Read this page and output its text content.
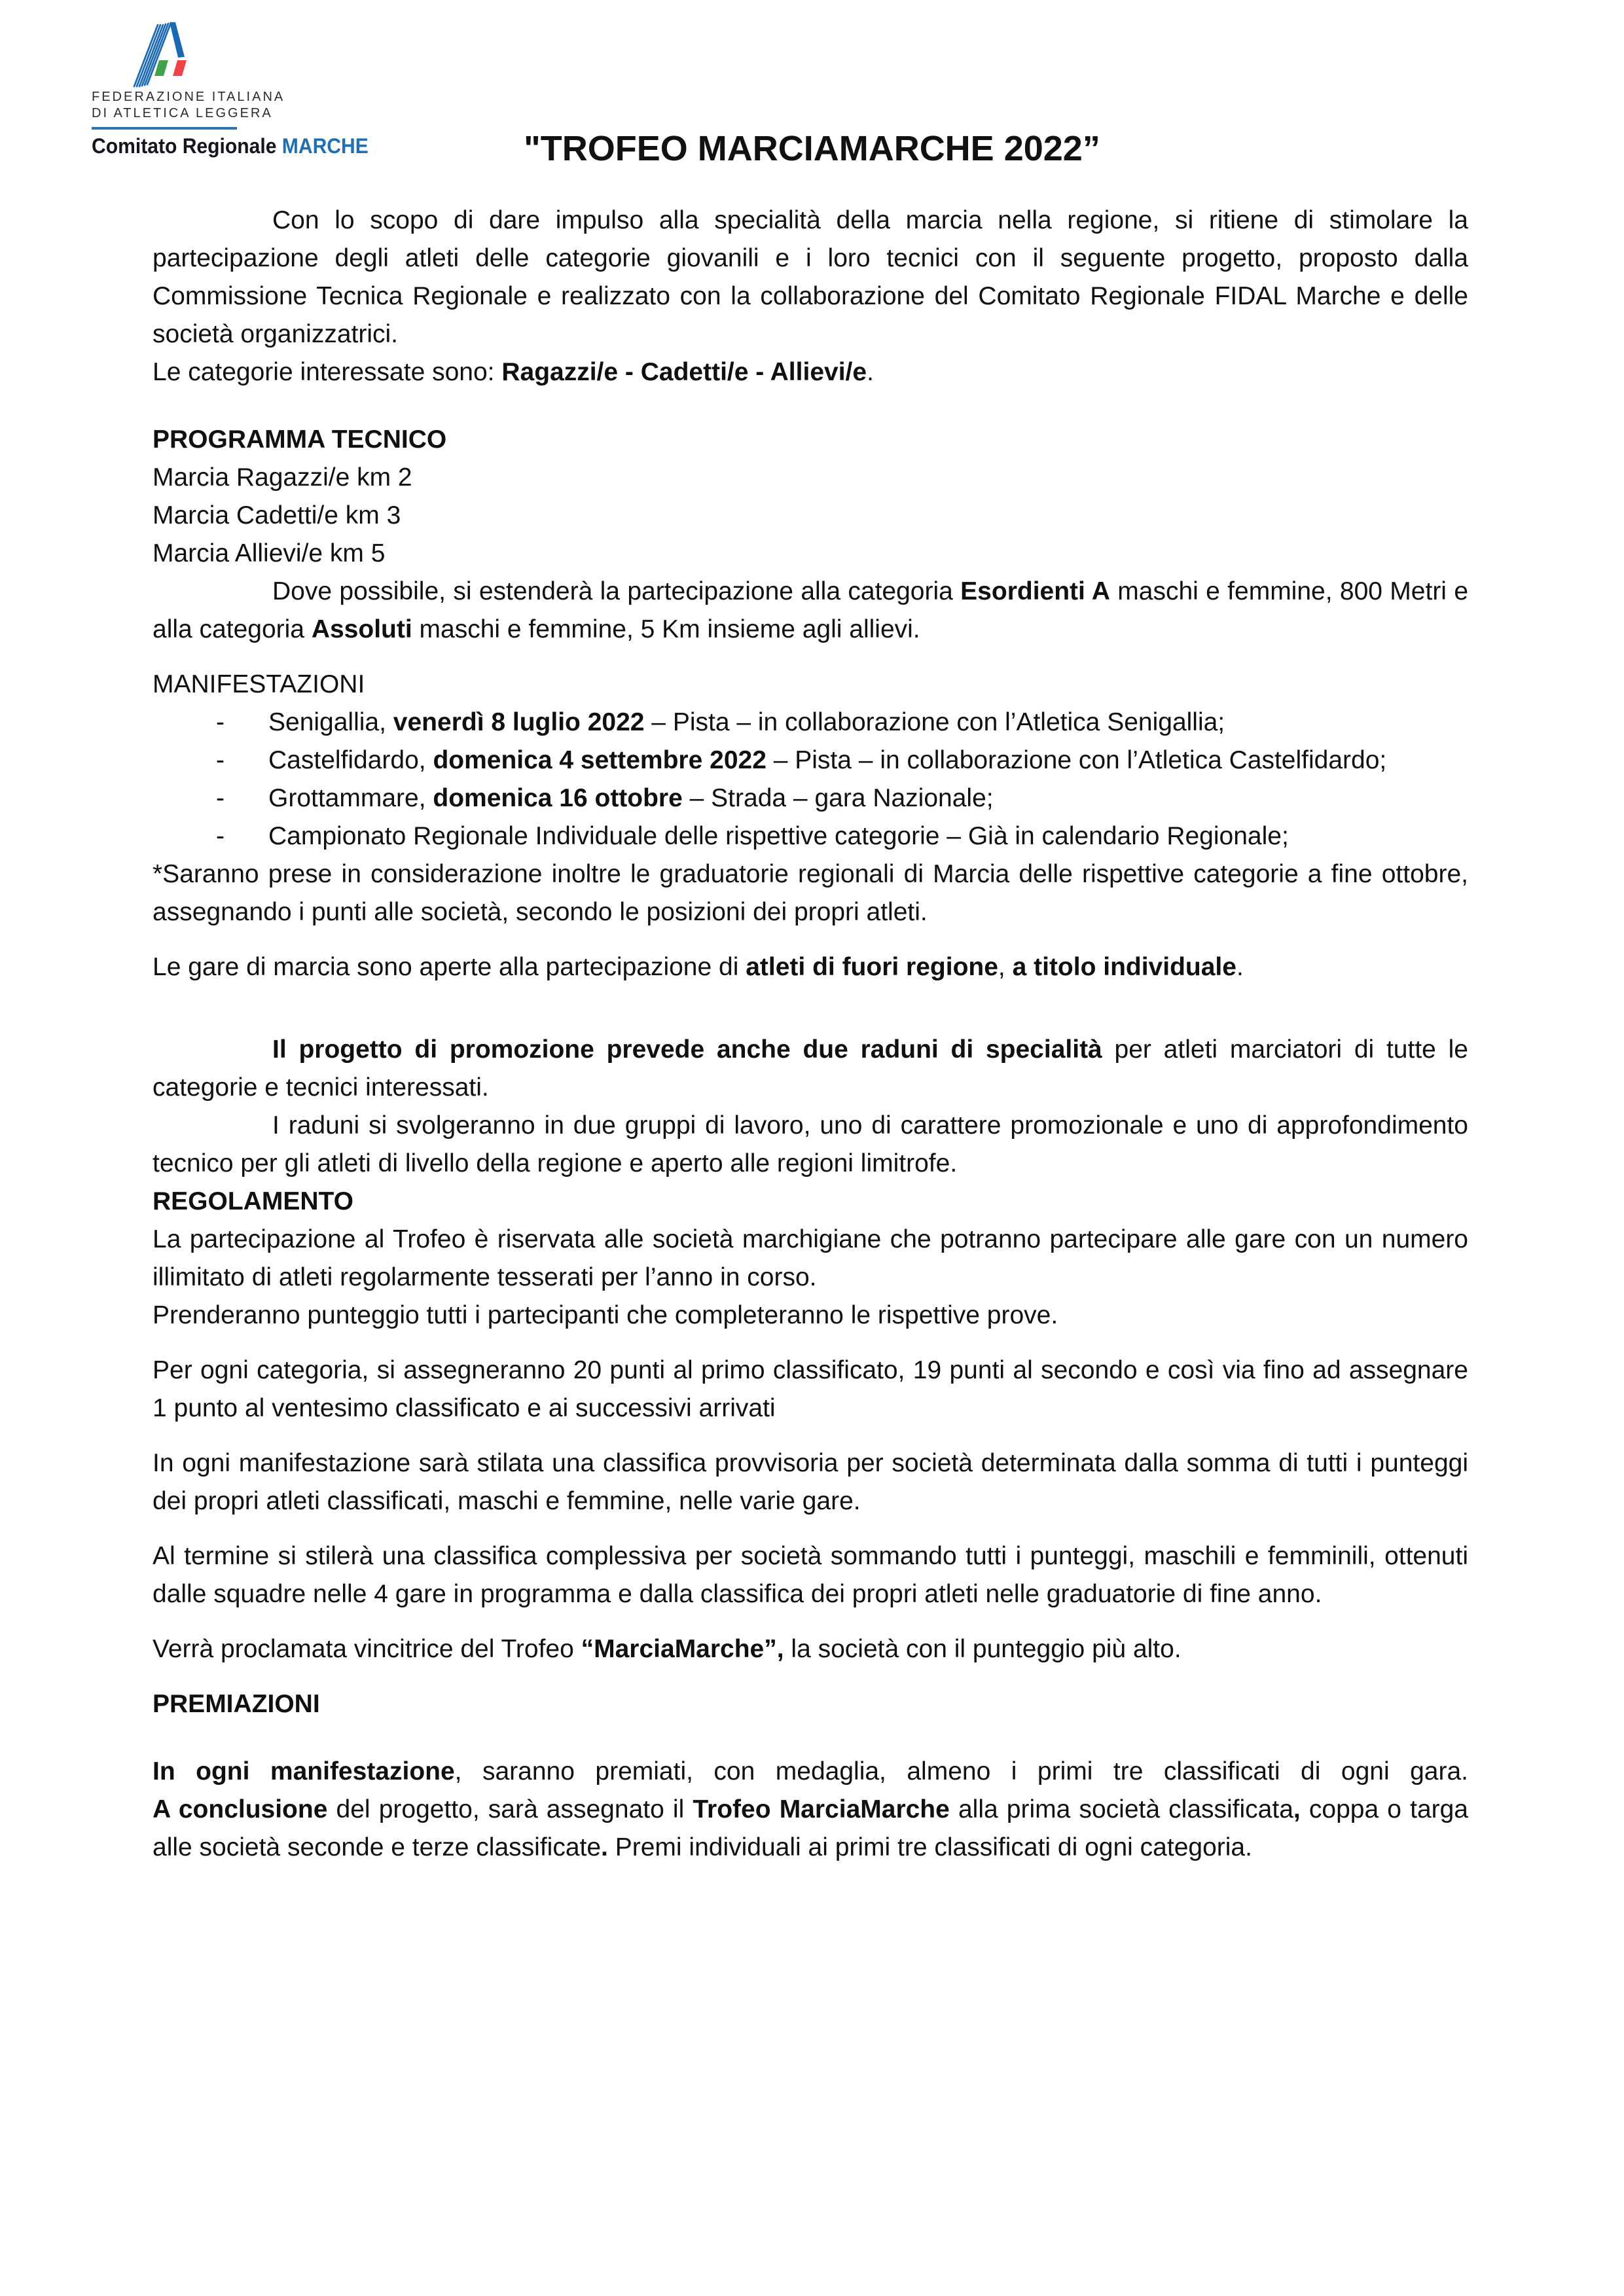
FEDERAZIONE ITALIANA
DI ATLETICA LEGGERA
Comitato Regionale MARCHE	"TROFEO MARCIAMARCHE 2022”

Con lo scopo di dare impulso alla specialità della marcia nella regione, si ritiene di stimolare la partecipazione degli atleti delle categorie giovanili e i loro tecnici con il seguente progetto, proposto dalla Commissione Tecnica Regionale e realizzato con la collaborazione del Comitato Regionale FIDAL Marche e delle società organizzatrici.

Le categorie interessate sono: Ragazzi/e - Cadetti/e - Allievi/e.

PROGRAMMA TECNICO

Marcia Ragazzi/e km 2

Marcia Cadetti/e km 3

Marcia Allievi/e km 5

Dove possibile, si estenderà la partecipazione alla categoria Esordienti A maschi e femmine, 800 Metri e alla categoria Assoluti maschi e femmine, 5 Km insieme agli allievi.

MANIFESTAZIONI

- Senigallia, venerdì 8 luglio 2022 – Pista – in collaborazione con l’Atletica Senigallia;

- Castelfidardo, domenica 4 settembre 2022 – Pista – in collaborazione con l’Atletica Castelfidardo;

- Grottammare, domenica 16 ottobre – Strada – gara Nazionale;

- Campionato Regionale Individuale delle rispettive categorie – Già in calendario Regionale;

*Saranno prese in considerazione inoltre le graduatorie regionali di Marcia delle rispettive categorie a fine ottobre, assegnando i punti alle società, secondo le posizioni dei propri atleti.

Le gare di marcia sono aperte alla partecipazione di atleti di fuori regione, a titolo individuale.

Il progetto di promozione prevede anche due raduni di specialità per atleti marciatori di tutte le categorie e tecnici interessati.

I raduni si svolgeranno in due gruppi di lavoro, uno di carattere promozionale e uno di approfondimento tecnico per gli atleti di livello della regione e aperto alle regioni limitrofe.

REGOLAMENTO

La partecipazione al Trofeo è riservata alle società marchigiane che potranno partecipare alle gare con un numero illimitato di atleti regolarmente tesserati per l’anno in corso.

Prenderanno punteggio tutti i partecipanti che completeranno le rispettive prove.

Per ogni categoria, si assegneranno 20 punti al primo classificato, 19 punti al secondo e così via fino ad assegnare 1 punto al ventesimo classificato e ai successivi arrivati

In ogni manifestazione sarà stilata una classifica provvisoria per società determinata dalla somma di tutti i punteggi dei propri atleti classificati, maschi e femmine, nelle varie gare.

Al termine si stilerà una classifica complessiva per società sommando tutti i punteggi, maschili e femminili, ottenuti dalle squadre nelle 4 gare in programma e dalla classifica dei propri atleti nelle graduatorie di fine anno.

Verrà proclamata vincitrice del Trofeo “MarciaMarche”, la società con il punteggio più alto.

PREMIAZIONI

In ogni manifestazione, saranno premiati, con medaglia, almeno i primi tre classificati di ogni gara.

A conclusione del progetto, sarà assegnato il Trofeo MarciaMarche alla prima società classificata, coppa o targa alle società seconde e terze classificate. Premi individuali ai primi tre classificati di ogni categoria.
